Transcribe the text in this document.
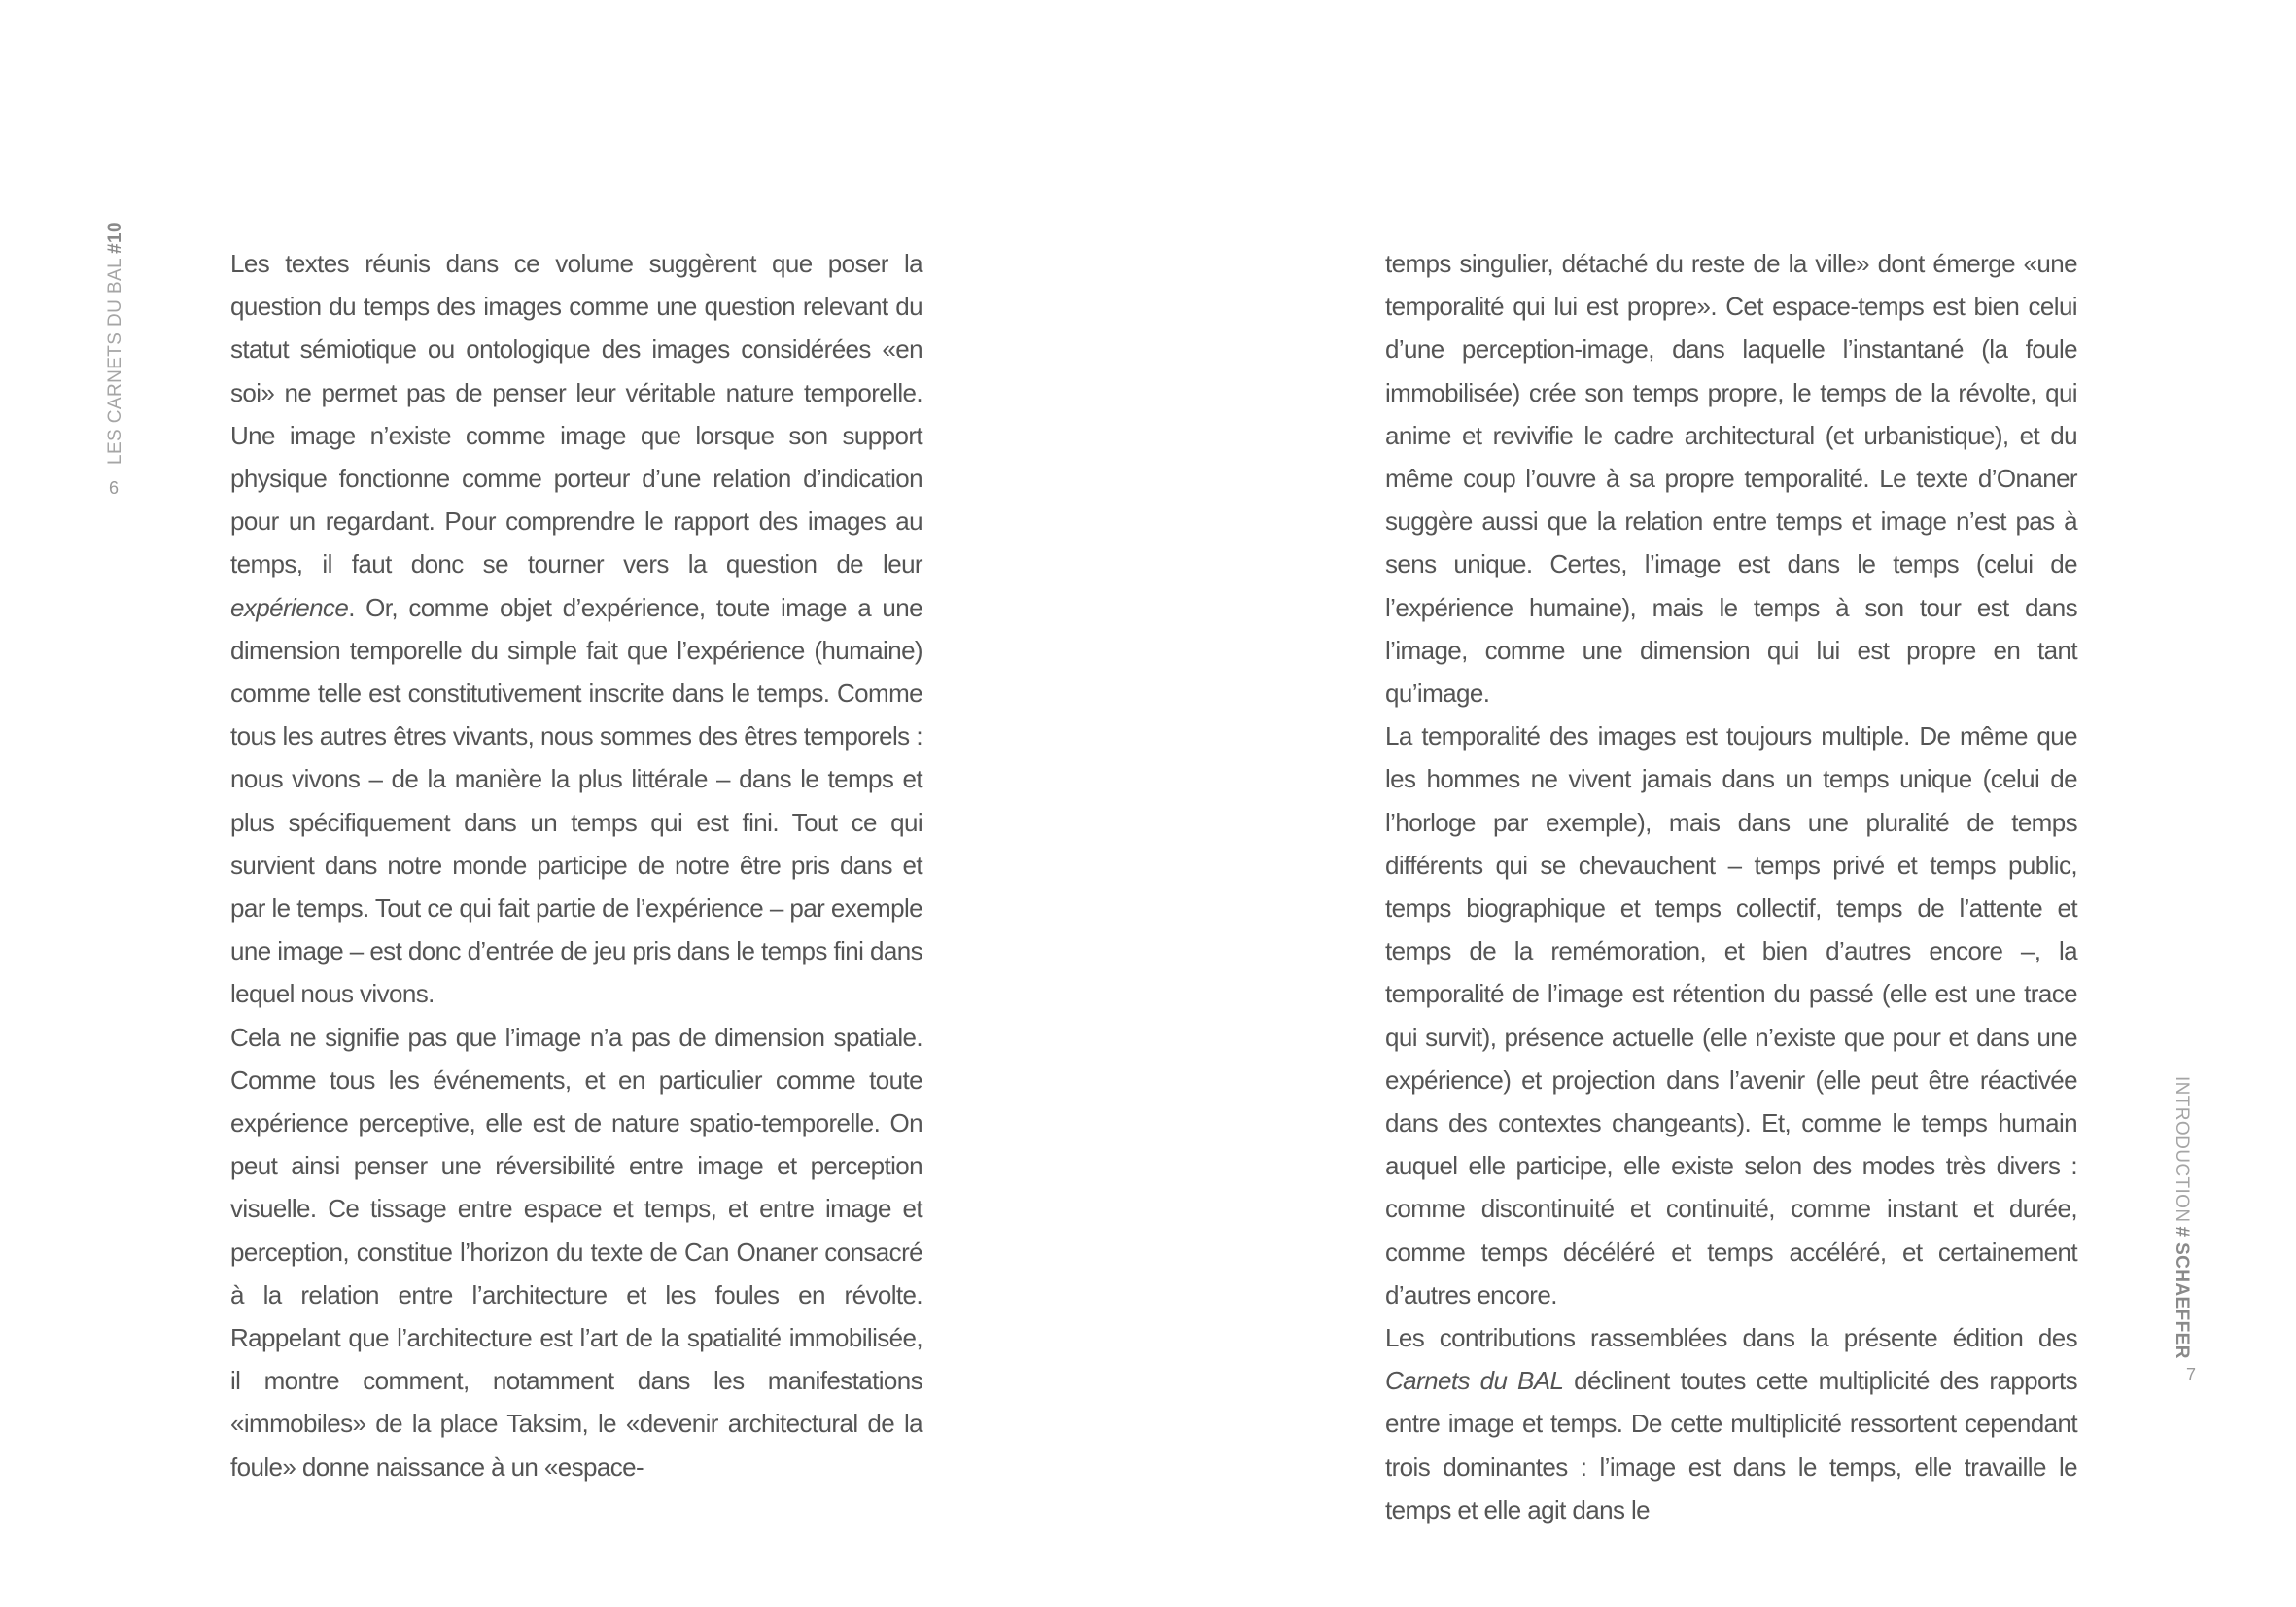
LES CARNETS DU BAL#10
6

Les textes réunis dans ce volume suggèrent que poser la question du temps des images comme une question relevant du statut sémiotique ou ontologique des images considérées «en soi» ne permet pas de penser leur véritable nature temporelle. Une image n’existe comme image que lorsque son support physique fonctionne comme porteur d’une relation d’indication pour un regardant. Pour comprendre le rapport des images au temps, il faut donc se tourner vers la question de leur expérience. Or, comme objet d’expérience, toute image a une dimension temporelle du simple fait que l’expérience (humaine) comme telle est constitutivement inscrite dans le temps. Comme tous les autres êtres vivants, nous sommes des êtres temporels : nous vivons – de la manière la plus littérale – dans le temps et plus spécifiquement dans un temps qui est fini. Tout ce qui survient dans notre monde participe de notre être pris dans et par le temps. Tout ce qui fait partie de l’expérience – par exemple une image – est donc d’entrée de jeu pris dans le temps fini dans lequel nous vivons.

Cela ne signifie pas que l’image n’a pas de dimension spatiale. Comme tous les événements, et en particulier comme toute expérience perceptive, elle est de nature spatio-temporelle. On peut ainsi penser une réversibilité entre image et perception visuelle. Ce tissage entre espace et temps, et entre image et perception, constitue l’horizon du texte de Can Onaner consacré à la relation entre l’architecture et les foules en révolte. Rappelant que l’architecture est l’art de la spatialité immobilisée, il montre comment, notamment dans les manifestations «immobiles» de la place Taksim, le «devenir architectural de la foule» donne naissance à un «espace-

temps singulier, détaché du reste de la ville» dont émerge «une temporalité qui lui est propre». Cet espace-temps est bien celui d’une perception-image, dans laquelle l’instantané (la foule immobilisée) crée son temps propre, le temps de la révolte, qui anime et revivifie le cadre architectural (et urbanistique), et du même coup l’ouvre à sa propre temporalité. Le texte d’Onaner suggère aussi que la relation entre temps et image n’est pas à sens unique. Certes, l’image est dans le temps (celui de l’expérience humaine), mais le temps à son tour est dans l’image, comme une dimension qui lui est propre en tant qu’image.

La temporalité des images est toujours multiple. De même que les hommes ne vivent jamais dans un temps unique (celui de l’horloge par exemple), mais dans une pluralité de temps différents qui se chevauchent – temps privé et temps public, temps biographique et temps collectif, temps de l’attente et temps de la remémoration, et bien d’autres encore –, la temporalité de l’image est rétention du passé (elle est une trace qui survit), présence actuelle (elle n’existe que pour et dans une expérience) et projection dans l’avenir (elle peut être réactivée dans des contextes changeants). Et, comme le temps humain auquel elle participe, elle existe selon des modes très divers : comme discontinuité et continuité, comme instant et durée, comme temps décéléré et temps accéléré, et certainement d’autres encore.

Les contributions rassemblées dans la présente édition des Carnets du BAL déclinent toutes cette multiplicité des rapports entre image et temps. De cette multiplicité ressortent cependant trois dominantes : l’image est dans le temps, elle travaille le temps et elle agit dans le

INTRODUCTION# SCHAEFFER
7
